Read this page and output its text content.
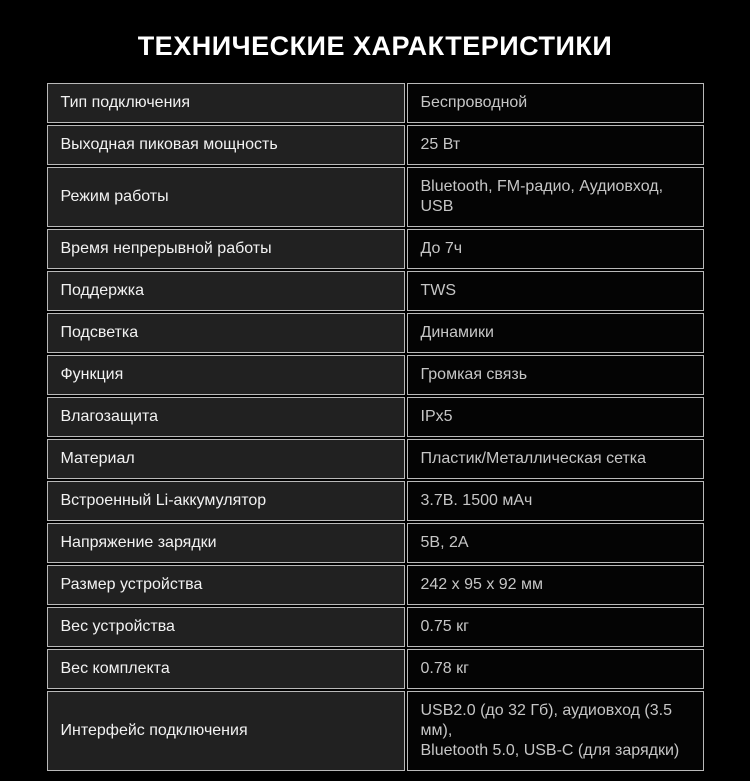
ТЕХНИЧЕСКИЕ ХАРАКТЕРИСТИКИ
Тип подключения	Беспроводной
Выходная пиковая мощность	25 Вт
Режим работы	Bluetooth, FM-радио, Аудиовход, USB
Время непрерывной работы	До 7ч
Поддержка	TWS
Подсветка	Динамики
Функция	Громкая связь
Влагозащита	IPx5
Материал	Пластик/Металлическая сетка
Встроенный Li-аккумулятор	3.7В. 1500 мАч
Напряжение зарядки	5В, 2А
Размер устройства	242 x 95 x 92 мм
Вес устройства	0.75 кг
Вес комплекта	0.78 кг
Интерфейс подключения	USB2.0 (до 32 Гб), аудиовход (3.5 мм),
Bluetooth 5.0, USB-C (для зарядки)
